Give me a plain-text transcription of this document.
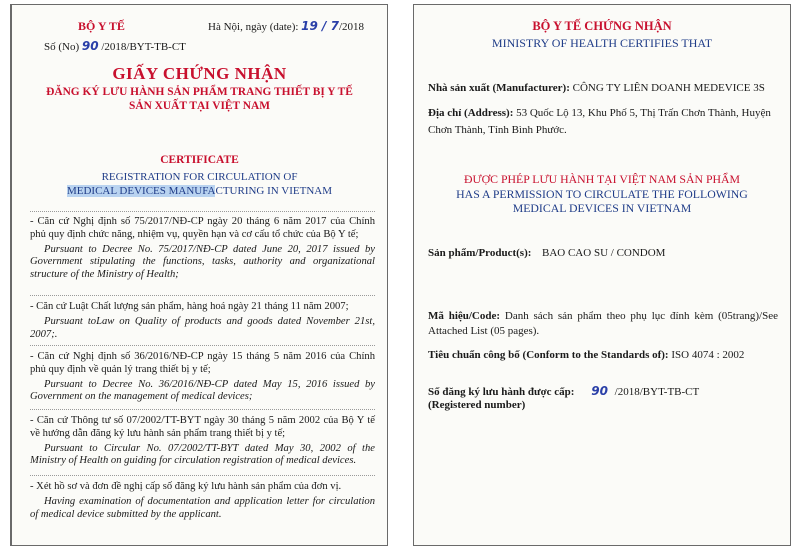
BỘ Y TẾ	Hà Nội, ngày (date): 19 / 7/2018
Số (No) 90 /2018/BYT-TB-CT
GIẤY CHỨNG NHẬN
ĐĂNG KÝ LƯU HÀNH SẢN PHẨM TRANG THIẾT BỊ Y TẾ
SẢN XUẤT TẠI VIỆT NAM
CERTIFICATE
REGISTRATION FOR CIRCULATION OF
MEDICAL DEVICES MANUFACTURING IN VIETNAM

- Căn cứ Nghị định số 75/2017/NĐ-CP ngày 20 tháng 6 năm 2017 của Chính phủ quy định chức năng, nhiệm vụ, quyền hạn và cơ cấu tổ chức của Bộ Y tế;

Pursuant to Decree No. 75/2017/NĐ-CP dated June 20, 2017 issued by Government stipulating the functions, tasks, authority and organizational structure of the Ministry of Health;

- Căn cứ Luật Chất lượng sản phẩm, hàng hoá ngày 21 tháng 11 năm 2007;

Pursuant toLaw on Quality of products and goods dated November 21st, 2007;.

- Căn cứ Nghị định số 36/2016/NĐ-CP ngày 15 tháng 5 năm 2016 của Chính phủ quy định về quản lý trang thiết bị y tế;

Pursuant to Decree No. 36/2016/NĐ-CP dated May 15, 2016 issued by Government on the management of medical devices;

- Căn cứ Thông tư số 07/2002/TT-BYT ngày 30 tháng 5 năm 2002 của Bộ Y tế về hướng dẫn đăng ký lưu hành sản phẩm trang thiết bị y tế;

Pursuant to Circular No. 07/2002/TT-BYT dated May 30, 2002 of the Ministry of Health on guiding for circulation registration of medical devices.

- Xét hồ sơ và đơn đề nghị cấp số đăng ký lưu hành sản phẩm của đơn vị.

Having examination of documentation and application letter for circulation of medical device submitted by the applicant.

BỘ Y TẾ CHỨNG NHẬN
MINISTRY OF HEALTH CERTIFIES THAT
Nhà sản xuất (Manufacturer): CÔNG TY LIÊN DOANH MEDEVICE 3S
Địa chỉ (Address): 53 Quốc Lộ 13, Khu Phố 5, Thị Trấn Chơn Thành, Huyện Chơn Thành, Tỉnh Bình Phước.
ĐƯỢC PHÉP LƯU HÀNH TẠI VIỆT NAM SẢN PHẨM
HAS A PERMISSION TO CIRCULATE THE FOLLOWING
MEDICAL DEVICES IN VIETNAM
Sản phẩm/Product(s): BAO CAO SU / CONDOM
Mã hiệu/Code: Danh sách sản phẩm theo phụ lục đính kèm (05trang)/See Attached List (05 pages).
Tiêu chuẩn công bố (Conform to the Standards of): ISO 4074 : 2002
Số đăng ký lưu hành được cấp: 90 /2018/BYT-TB-CT
(Registered number)
